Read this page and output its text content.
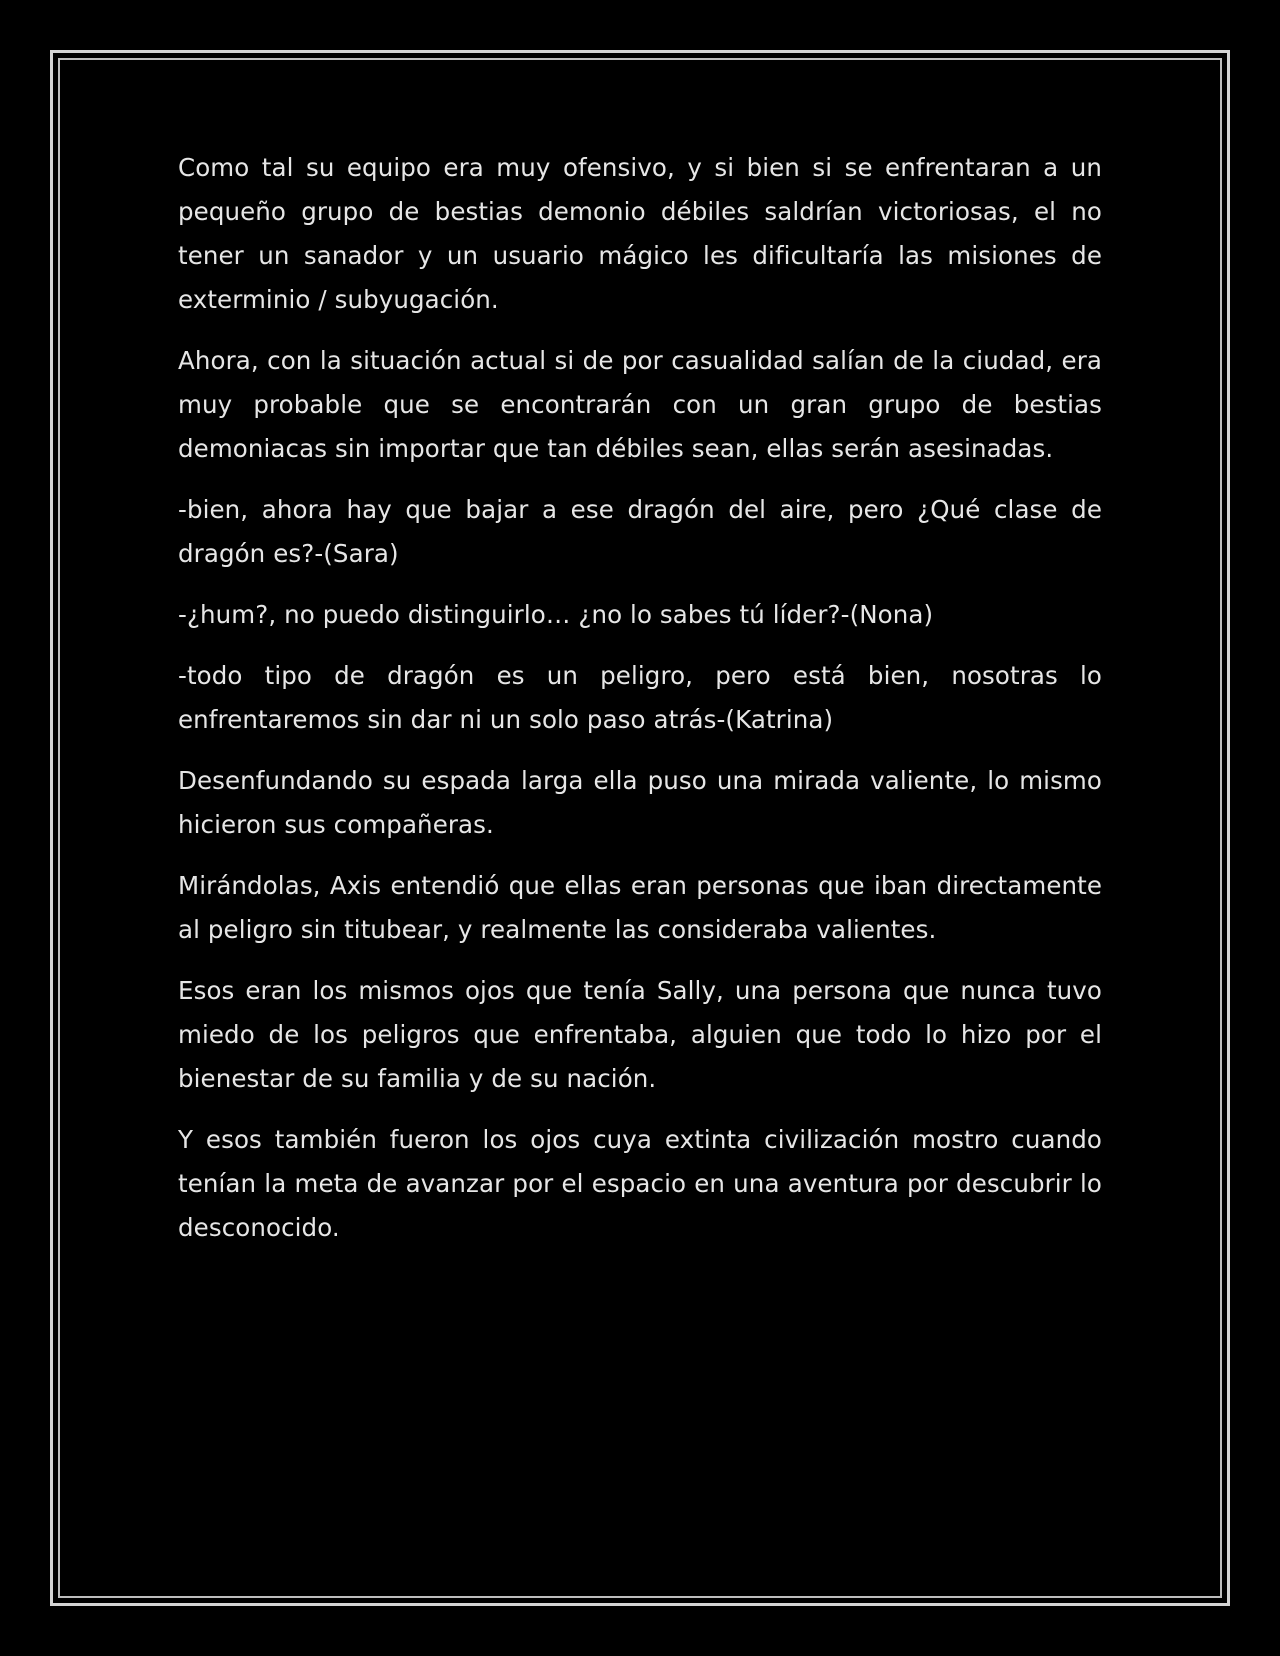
Como tal su equipo era muy ofensivo, y si bien si se enfrentaran a un pequeño grupo de bestias demonio débiles saldrían victoriosas, el no tener un sanador y un usuario mágico les dificultaría las misiones de exterminio / subyugación.

Ahora, con la situación actual si de por casualidad salían de la ciudad, era muy probable que se encontrarán con un gran grupo de bestias demoniacas sin importar que tan débiles sean, ellas serán asesinadas.

-bien, ahora hay que bajar a ese dragón del aire, pero ¿Qué clase de dragón es?-(Sara)

-¿hum?, no puedo distinguirlo… ¿no lo sabes tú líder?-(Nona)

-todo tipo de dragón es un peligro, pero está bien, nosotras lo enfrentaremos sin dar ni un solo paso atrás-(Katrina)

Desenfundando su espada larga ella puso una mirada valiente, lo mismo hicieron sus compañeras.

Mirándolas, Axis entendió que ellas eran personas que iban directamente al peligro sin titubear, y realmente las consideraba valientes.

Esos eran los mismos ojos que tenía Sally, una persona que nunca tuvo miedo de los peligros que enfrentaba, alguien que todo lo hizo por el bienestar de su familia y de su nación.

Y esos también fueron los ojos cuya extinta civilización mostro cuando tenían la meta de avanzar por el espacio en una aventura por descubrir lo desconocido.
